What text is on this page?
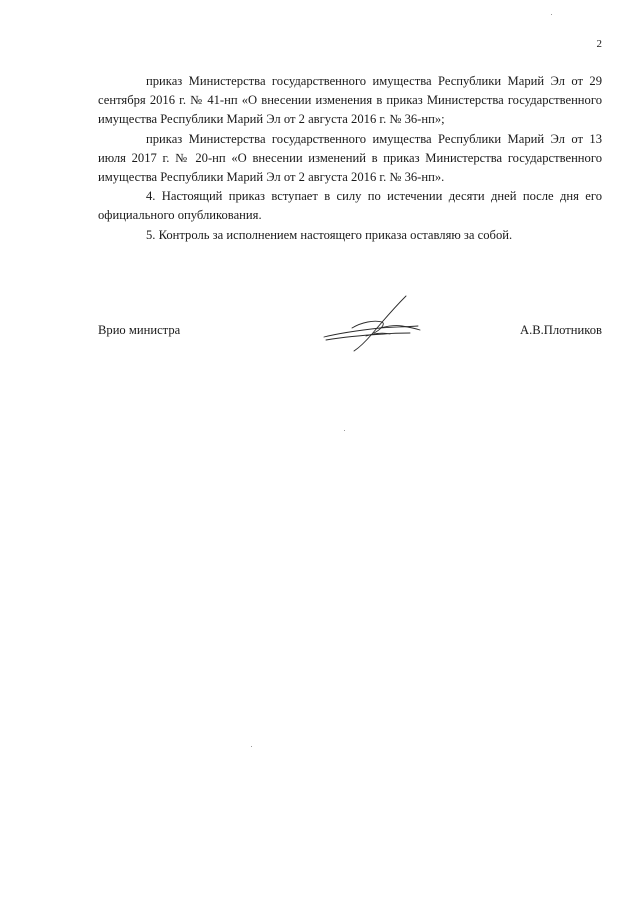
2

приказ Министерства государственного имущества Республики Марий Эл от 29 сентября 2016 г. № 41-нп «О внесении изменения в приказ Министерства государственного имущества Республики Марий Эл от 2 августа 2016 г. № 36-нп»;

приказ Министерства государственного имущества Республики Марий Эл от 13 июля 2017 г. № 20-нп «О внесении изменений в приказ Министерства государственного имущества Республики Марий Эл от 2 августа 2016 г. № 36-нп».

4. Настоящий приказ вступает в силу по истечении десяти дней после дня его официального опубликования.

5. Контроль за исполнением настоящего приказа оставляю за собой.

Врио министра	А.В.Плотников
